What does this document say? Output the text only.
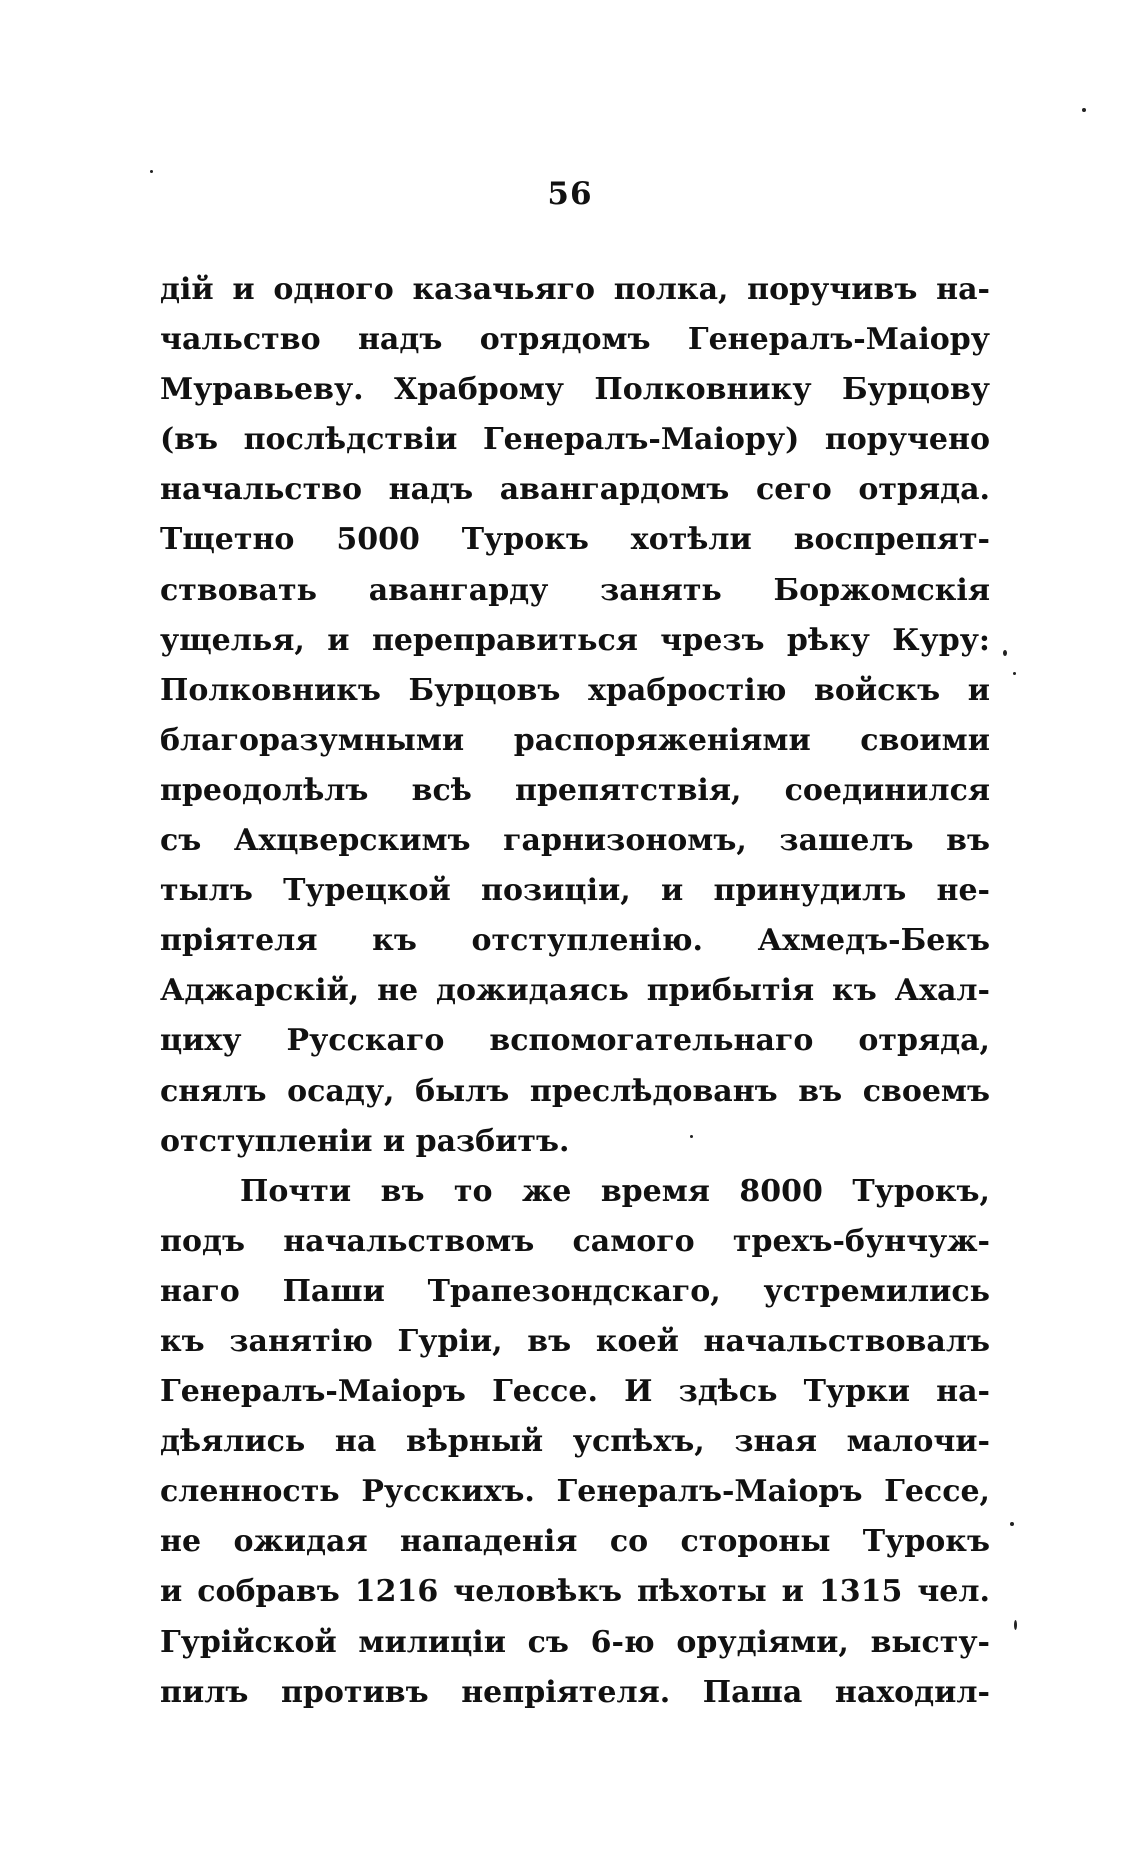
56
дій и одного казачьяго полка, поручивъ на-
чальство надъ отрядомъ Генералъ-Маіору
Муравьеву. Храброму Полковнику Бурцову
(въ послѣдствіи Генералъ-Маіору) поручено
начальство надъ авангардомъ сего отряда.
Тщетно 5000 Турокъ хотѣли воспрепят-
ствовать авангарду занять Боржомскія
ущелья, и переправиться чрезъ рѣку Куру:
Полковникъ Бурцовъ храбростію войскъ и
благоразумными распоряженіями своими
преодолѣлъ всѣ препятствія, соединился
съ Ахцверскимъ гарнизономъ, зашелъ въ
тылъ Турецкой позиціи, и принудилъ не-
пріятеля къ отступленію. Ахмедъ-Бекъ
Аджарскій, не дожидаясь прибытія къ Ахал-
циху Русскаго вспомогательнаго отряда,
снялъ осаду, былъ преслѣдованъ въ своемъ
отступленіи и разбитъ.
Почти въ то же время 8000 Турокъ,
подъ начальствомъ самого трехъ-бунчуж-
наго Паши Трапезондскаго, устремились
къ занятію Гуріи, въ коей начальствовалъ
Генералъ-Маіоръ Гессе. И здѣсь Турки на-
дѣялись на вѣрный успѣхъ, зная малочи-
сленность Русскихъ. Генералъ-Маіоръ Гессе,
не ожидая нападенія со стороны Турокъ
и собравъ 1216 человѣкъ пѣхоты и 1315 чел.
Гурійской милиціи съ 6-ю орудіями, высту-
пилъ противъ непріятеля. Паша находил-
